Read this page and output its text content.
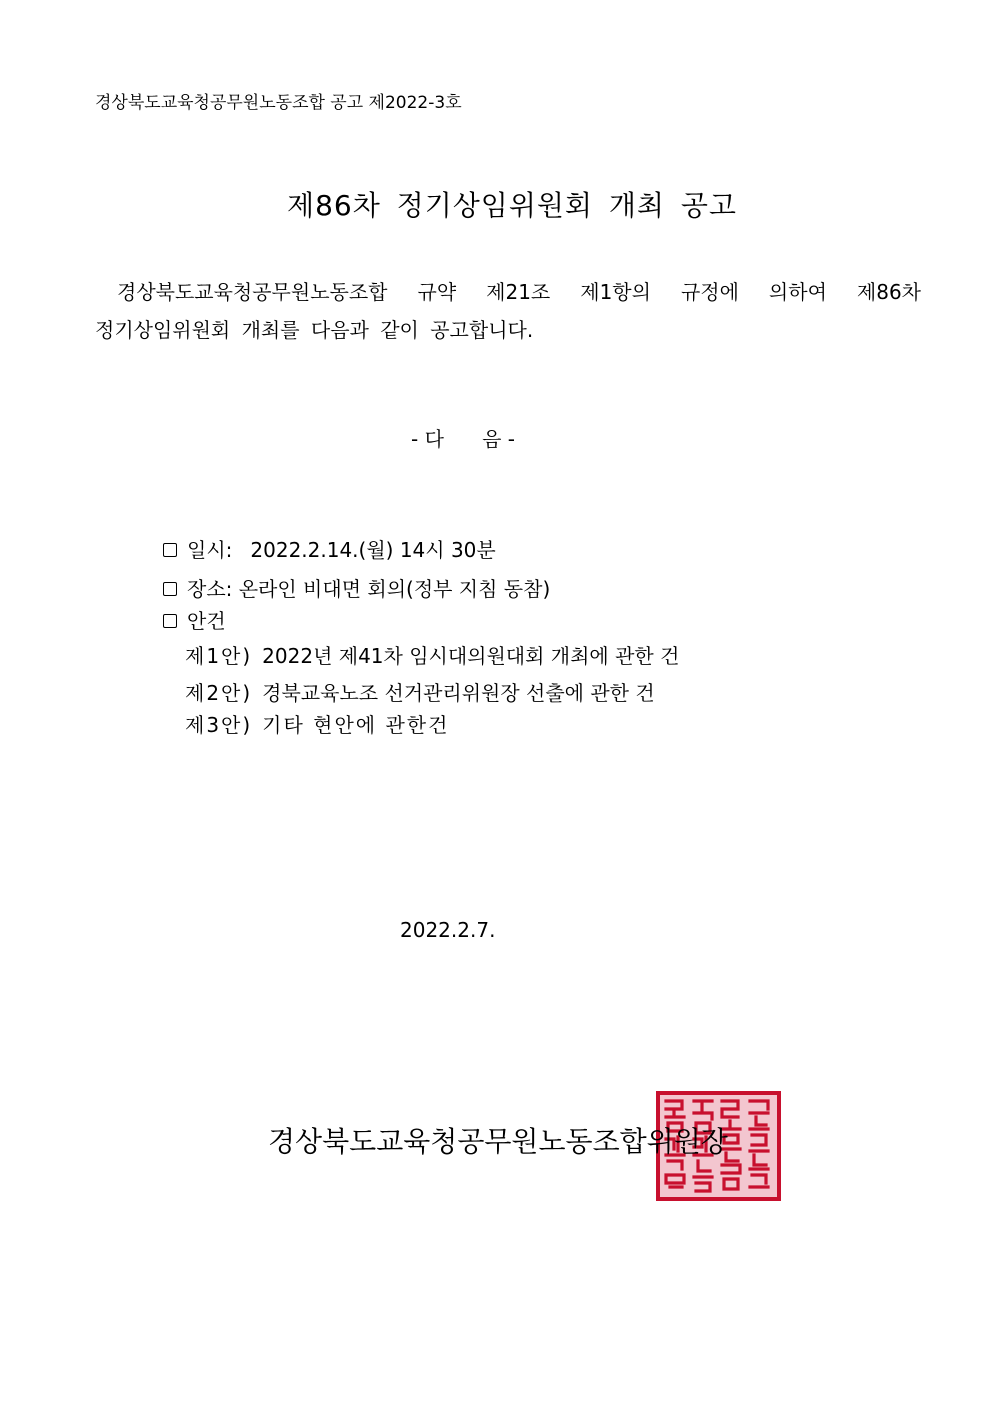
경상북도교육청공무원노동조합 공고 제2022-3호
제86차 정기상임위원회 개최 공고
경상북도교육청공무원노동조합 규약 제21조 제1항의 규정에 의하여 제86차
정기상임위원회 개최를 다음과 같이 공고합니다.
- 다      음 -
일시: 2022.2.14.(월) 14시 30분
장소: 온라인 비대면 회의(정부 지침 동참)
안건
제1안) 2022년 제41차 임시대의원대회 개최에 관한 건
제2안) 경북교육노조 선거관리위원장 선출에 관한 건
제3안) 기타 현안에 관한건
2022.2.7.
경상북도교육청공무원노동조합위원장
